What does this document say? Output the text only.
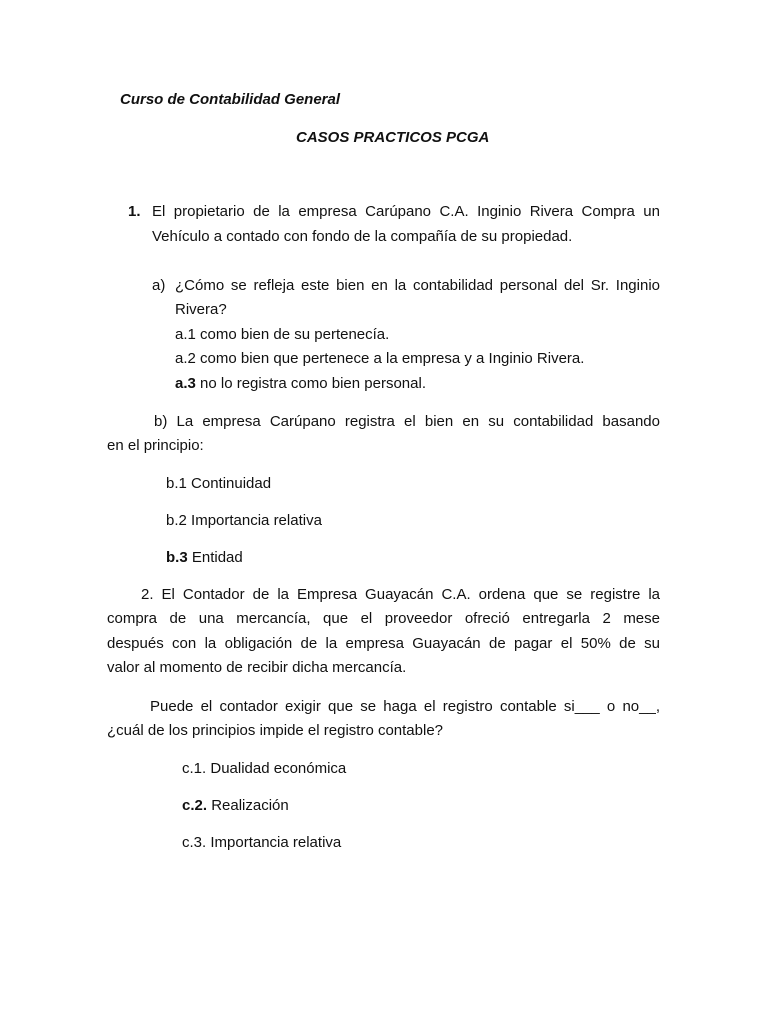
Curso de Contabilidad General
CASOS PRACTICOS PCGA
1. El propietario de la empresa Carúpano C.A. Inginio Rivera Compra un
Vehículo a contado con fondo de la compañía de su propiedad.
a) ¿Cómo se refleja este bien en la contabilidad personal del Sr. Inginio
Rivera?
a.1 como bien de su pertenecía.
a.2 como bien que pertenece a la empresa y a Inginio Rivera.
a.3 no lo registra como bien personal.
b) La empresa Carúpano registra el bien en su contabilidad basando
en el principio:
b.1 Continuidad
b.2 Importancia relativa
b.3 Entidad
2. El Contador de la Empresa Guayacán C.A. ordena que se registre la
compra de una mercancía, que el proveedor ofreció entregarla 2 mese
después con la obligación de la empresa Guayacán de pagar el 50% de su
valor al momento de recibir dicha mercancía.
Puede el contador exigir que se haga el registro contable si___ o no__,
¿cuál de los principios impide el registro contable?
c.1. Dualidad económica
c.2. Realización
c.3. Importancia relativa
